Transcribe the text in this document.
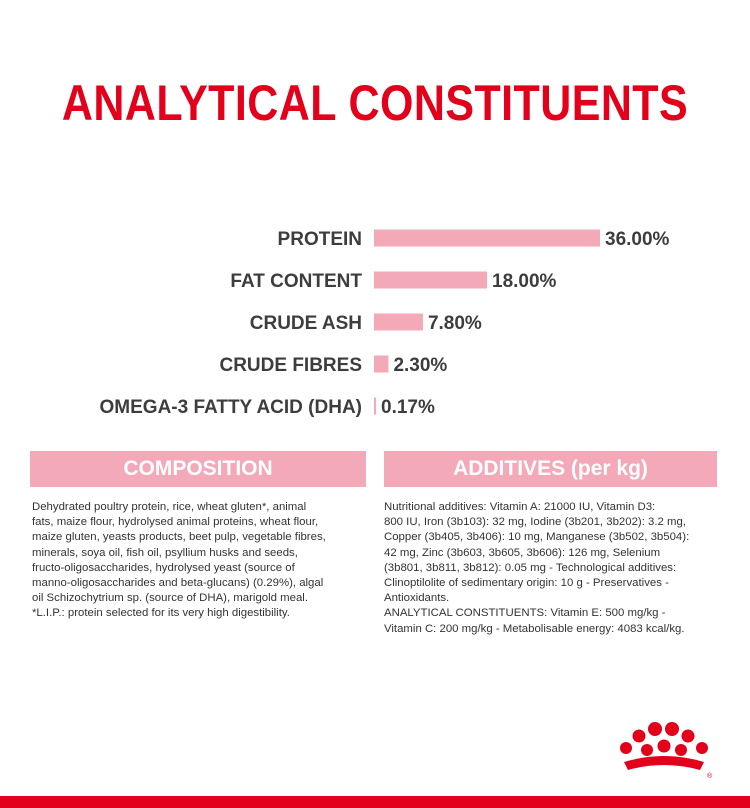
ANALYTICAL CONSTITUENTS
PROTEIN	36.00%
FAT CONTENT	18.00%
CRUDE ASH	7.80%
CRUDE FIBRES 2.30%
OMEGA-3 FATTY ACID (DHA) 0.17%
COMPOSITION	ADDITIVES (per kg)
Dehydrated poultry protein, rice, wheat gluten*, animal
fats, maize flour, hydrolysed animal proteins, wheat flour,
maize gluten, yeasts products, beet pulp, vegetable fibres,
minerals, soya oil, fish oil, psyllium husks and seeds,
fructo-oligosaccharides, hydrolysed yeast (source of
manno-oligosaccharides and beta-glucans) (0.29%), algal
oil Schizochytrium sp. (source of DHA), marigold meal.
*L.I.P.: protein selected for its very high digestibility.
Nutritional additives: Vitamin A: 21000 IU, Vitamin D3:
800 IU, Iron (3b103): 32 mg, Iodine (3b201, 3b202): 3.2 mg,
Copper (3b405, 3b406): 10 mg, Manganese (3b502, 3b504):
42 mg, Zinc (3b603, 3b605, 3b606): 126 mg, Selenium
(3b801, 3b811, 3b812): 0.05 mg - Technological additives:
Clinoptilolite of sedimentary origin: 10 g - Preservatives -
Antioxidants.
ANALYTICAL CONSTITUENTS: Vitamin E: 500 mg/kg -
Vitamin C: 200 mg/kg - Metabolisable energy: 4083 kcal/kg.
®
